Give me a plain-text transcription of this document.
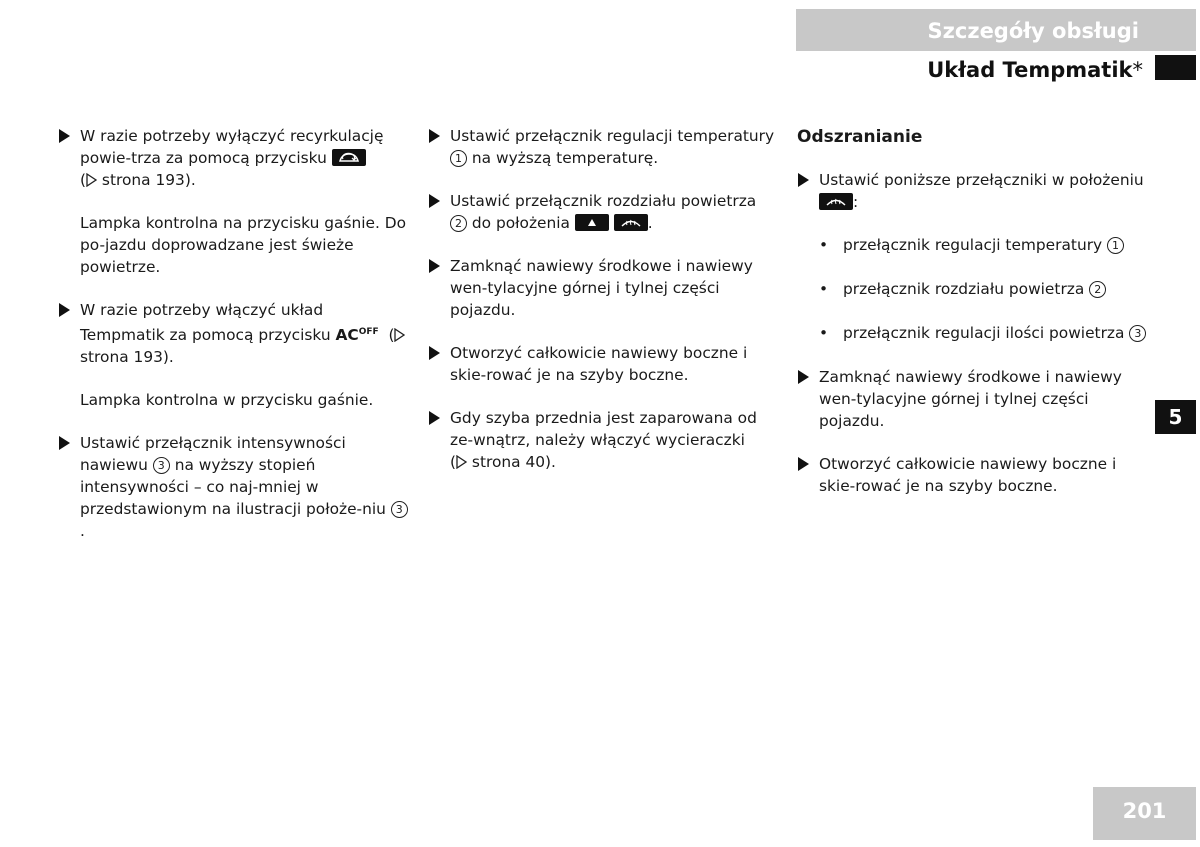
Szczegóły obsługi
Układ Tempmatik*
5
201
W razie potrzeby wyłączyć recyrkulację powie-trza za pomocą przycisku

( strona 193).
Lampka kontrolna na przycisku gaśnie. Do po-jazdu doprowadzane jest świeże powietrze.
W razie potrzeby włączyć układ Tempmatik za pomocą przycisku $AC^{OFF}$ ( strona 193).
Lampka kontrolna w przycisku gaśnie.
Ustawić przełącznik intensywności nawiewu 3 na wyższy stopień intensywności – co naj-mniej w przedstawionym na ilustracji położe-niu 3.
Ustawić przełącznik regulacji temperatury 1 na wyższą temperaturę.
Ustawić przełącznik rozdziału powietrza 2 do położenia
	.
Zamknąć nawiewy środkowe i nawiewy wen-tylacyjne górnej i tylnej części pojazdu.
Otworzyć całkowicie nawiewy boczne i skie-rować je na szyby boczne.
Gdy szyba przednia jest zaparowana od ze-wnątrz, należy włączyć wycieraczki
( strona 40).
Odszranianie
Ustawić poniższe przełączniki w położeniu
:
• przełącznik regulacji temperatury 1
• przełącznik rozdziału powietrza 2
• przełącznik regulacji ilości powietrza 3
Zamknąć nawiewy środkowe i nawiewy wen-tylacyjne górnej i tylnej części pojazdu.
Otworzyć całkowicie nawiewy boczne i skie-rować je na szyby boczne.
